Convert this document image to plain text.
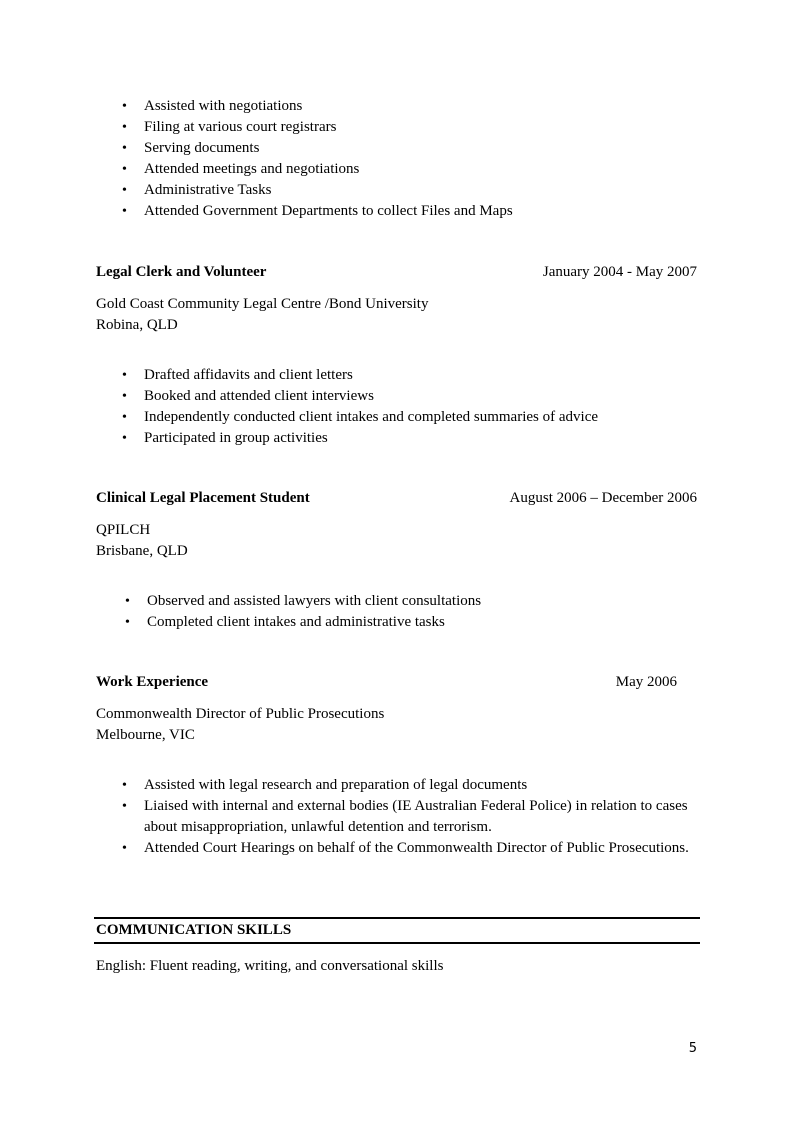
• Assisted with negotiations
• Filing at various court registrars
• Serving documents
• Attended meetings and negotiations
• Administrative Tasks
• Attended Government Departments to collect Files and Maps
Legal Clerk and Volunteer	January 2004 - May 2007
Gold Coast Community Legal Centre /Bond University
Robina, QLD
• Drafted affidavits and client letters
• Booked and attended client interviews
• Independently conducted client intakes and completed summaries of advice
• Participated in group activities
Clinical Legal Placement Student	August 2006 – December 2006
QPILCH
Brisbane, QLD
• Observed and assisted lawyers with client consultations
• Completed client intakes and administrative tasks
Work Experience	May 2006
Commonwealth Director of Public Prosecutions
Melbourne, VIC
• Assisted with legal research and preparation of legal documents
• Liaised with internal and external bodies (IE Australian Federal Police) in relation to cases about misappropriation, unlawful detention and terrorism.
• Attended Court Hearings on behalf of the Commonwealth Director of Public Prosecutions.
COMMUNICATION SKILLS
English: Fluent reading, writing, and conversational skills
5
